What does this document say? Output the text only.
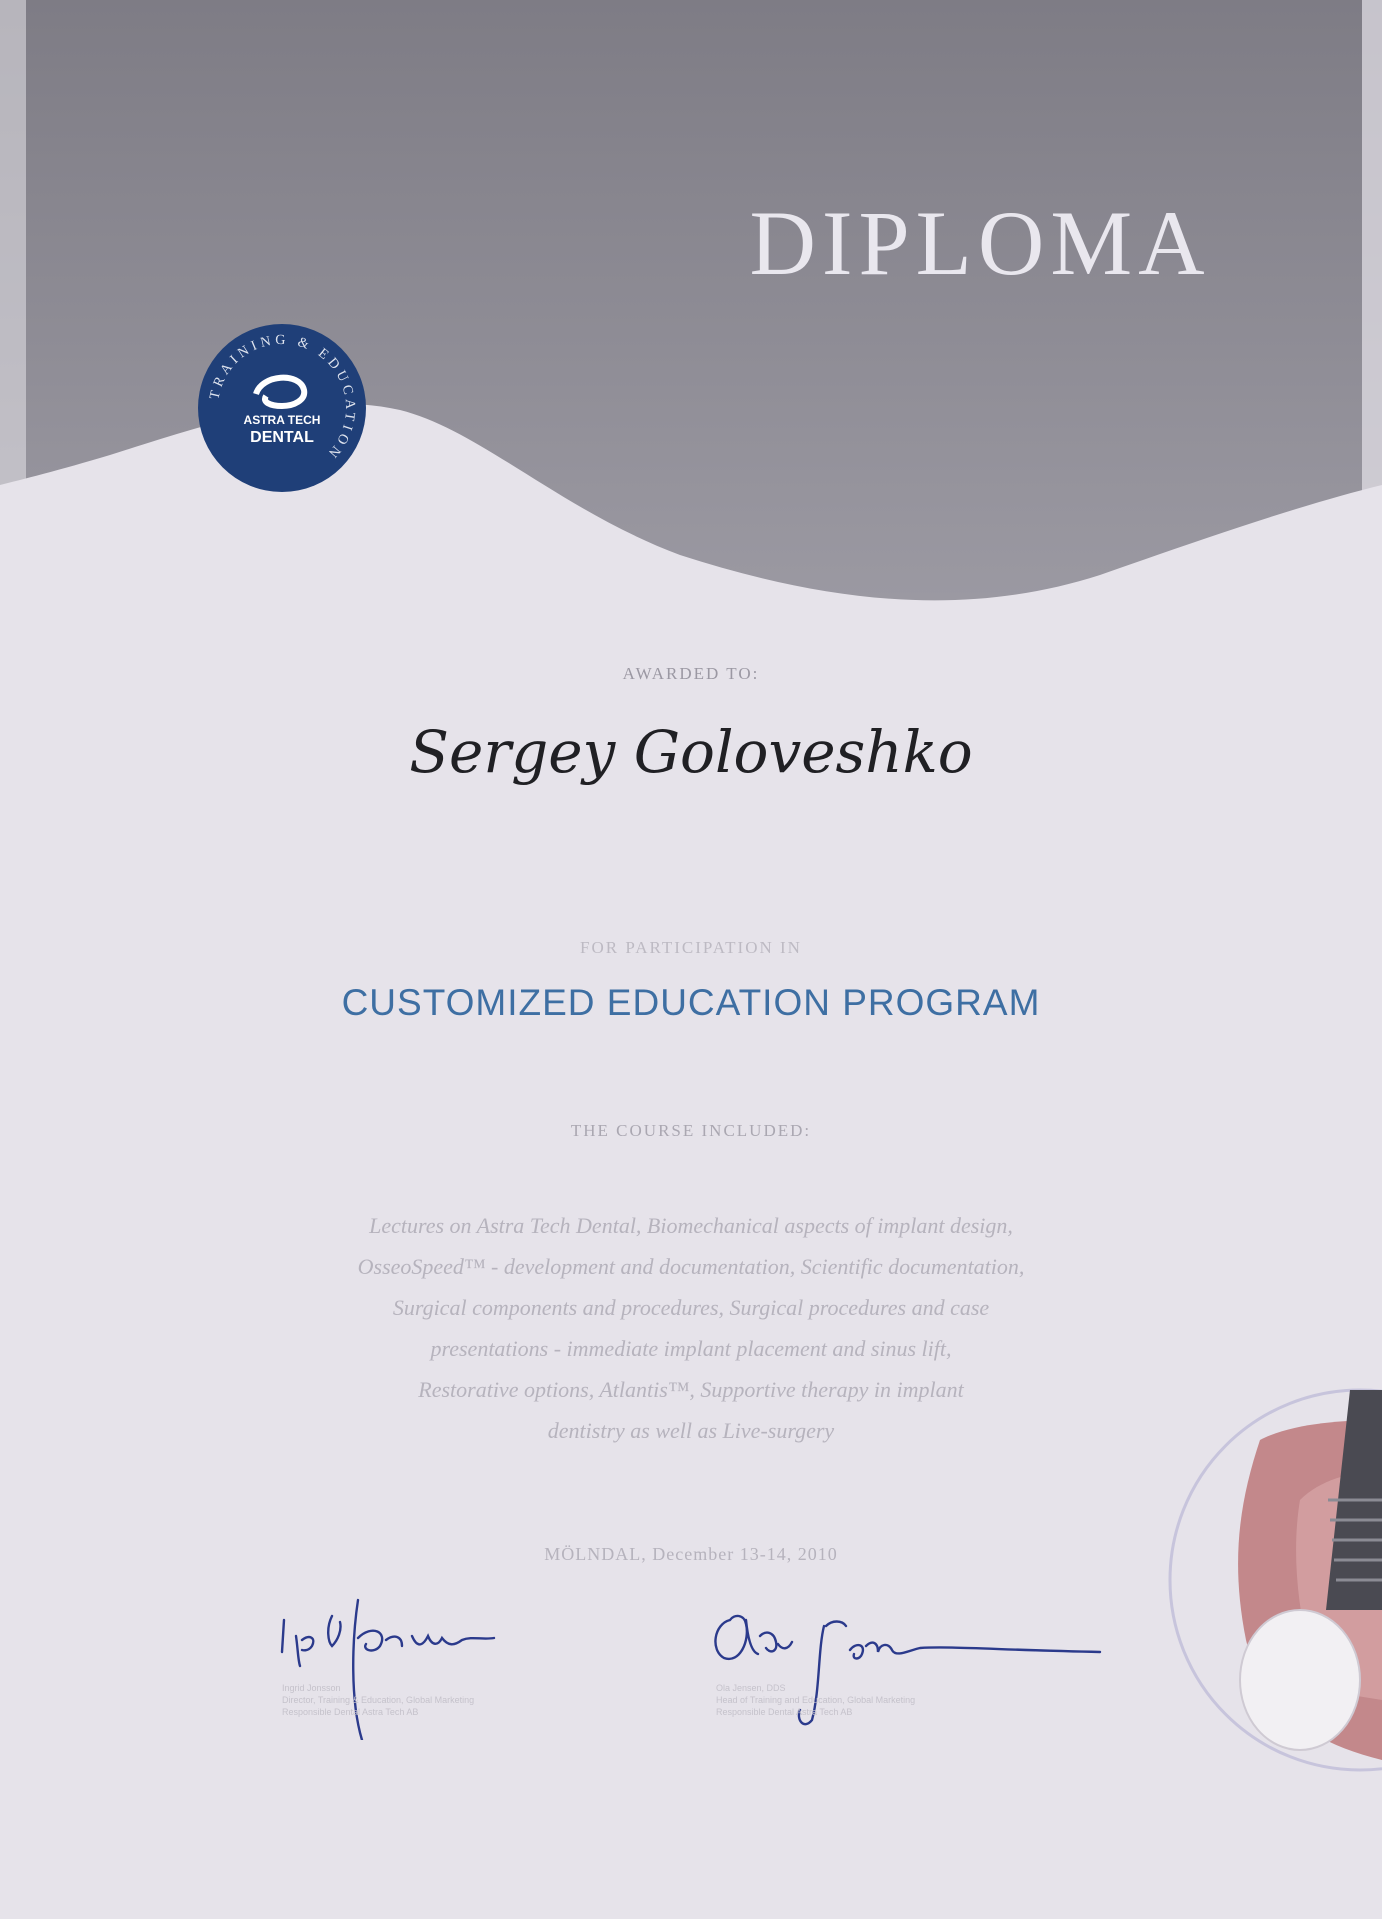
DIPLOMA
TRAINING & EDUCATION
ASTRA TECH
DENTAL
AWARDED TO:
Sergey Goloveshko
FOR PARTICIPATION IN
CUSTOMIZED EDUCATION PROGRAM
THE COURSE INCLUDED:
Lectures on Astra Tech Dental, Biomechanical aspects of implant design,
OsseoSpeed™ - development and documentation, Scientific documentation,
Surgical components and procedures, Surgical procedures and case
presentations - immediate implant placement and sinus lift,
Restorative options, Atlantis™, Supportive therapy in implant
dentistry as well as Live-surgery
MÖLNDAL, December 13-14, 2010
Ingrid Jonsson
Director, Training & Education, Global Marketing
Responsible Dental Astra Tech AB
Ola Jensen, DDS
Head of Training and Education, Global Marketing
Responsible Dental Astra Tech AB
